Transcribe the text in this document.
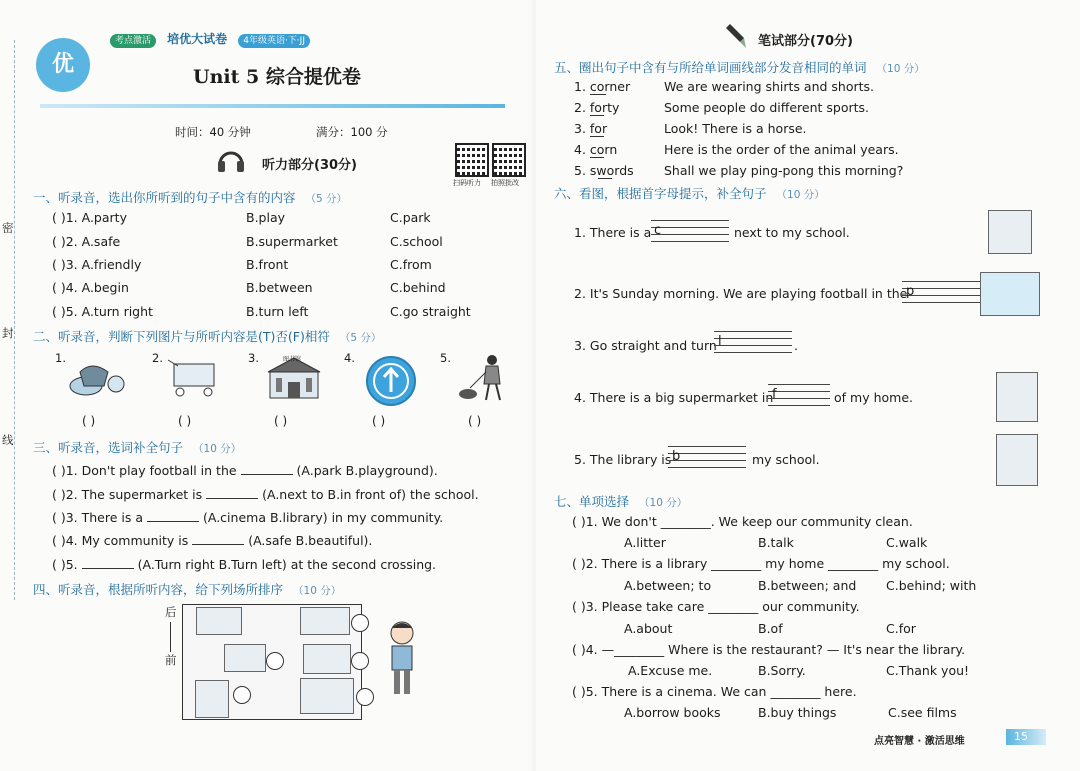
密
封
线
考点激活 培优大试卷 4年级英语·下·JJ
优	Unit 5 综合提优卷
时间：40 分钟	满分：100 分
听力部分(30分)
扫码听力 拍照批改
一、听录音，选出你所听到的句子中含有的内容 （5 分）
( )1. A.party	B.play	C.park
( )2. A.safe	B.supermarket	C.school
( )3. A.friendly	B.front	C.from
( )4. A.begin	B.between	C.behind
( )5. A.turn right	B.turn left	C.go straight
二、听录音，判断下列图片与所听内容是(T)否(F)相符 （5 分）
1.	2.	3.	4.	5.
图书馆
( )	( )	( )	( )	( )
三、听录音，选词补全句子 （10 分）
( )1. Don't play football in the	(A.park B.playground).
( )2. The supermarket is	(A.next to B.in front of) the school.
( )3. There is a	(A.cinema B.library) in my community.
( )4. My community is	(A.safe B.beautiful).
( )5.	(A.Turn right B.Turn left) at the second crossing.
四、听录音，根据所听内容，给下列场所排序 （10 分）
后
前
笔试部分(70分)
五、圈出句子中含有与所给单词画线部分发音相同的单词 （10 分）
1. corner	We are wearing shirts and shorts.
2. forty	Some people do different sports.
3. for	Look! There is a horse.
4. corn	Here is the order of the animal years.
5. swords Shall we play ping-pong this morning?
六、看图，根据首字母提示，补全句子 （10 分）
1. There is a c	next to my school.
2. It's Sunday morning. We are playing football in the
p
3. Go straight and turn l	.
4. There is a big supermarket in
f	of my home.
5. The library is b	my school.
七、单项选择 （10 分）
( )1. We don't ________. We keep our community clean.
A.litter	B.talk	C.walk
( )2. There is a library ________ my home ________ my school.
A.between; to	B.between; and C.behind; with
( )3. Please take care ________ our community.
A.about	B.of	C.for
( )4. —________ Where is the restaurant? — It's near the library.
A.Excuse me.	B.Sorry.	C.Thank you!
( )5. There is a cinema. We can ________ here.
A.borrow books	B.buy things	C.see films
点亮智慧 · 激活思维	15
